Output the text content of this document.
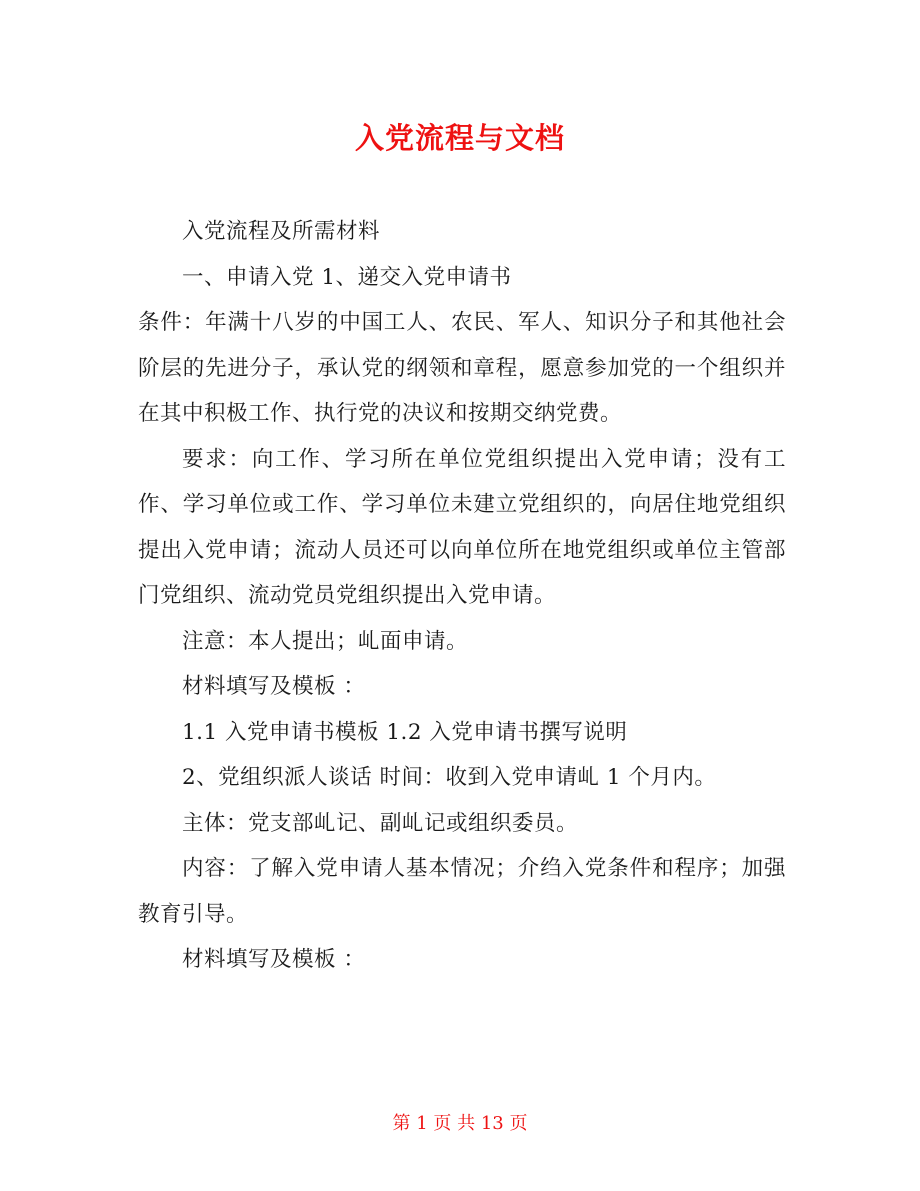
入党流程与文档

入党流程及所需材料

一、申请入党 1、递交入党申请书

条件：年满十八岁的中国工人、农民、军人、知识分子和其他社会阶层的先进分子，承认党的纲领和章程，愿意参加党的一个组织并在其中积极工作、执行党的决议和按期交纳党费。

要求：向工作、学习所在单位党组织提出入党申请；没有工作、学习单位或工作、学习单位未建立党组织的，向居住地党组织提出入党申请；流动人员还可以向单位所在地党组织或单位主管部门党组织、流动党员党组织提出入党申请。

注意：本人提出；乢面申请。

材料填写及模板 ：

1.1 入党申请书模板 1.2 入党申请书撰写说明

2、党组织派人谈话 时间：收到入党申请乢 1 个月内。

主体：党支部乢记、副乢记或组织委员。

内容：了解入党申请人基本情况；介绉入党条件和程序；加强教育引导。

材料填写及模板 ：

第 1 页 共 13 页
